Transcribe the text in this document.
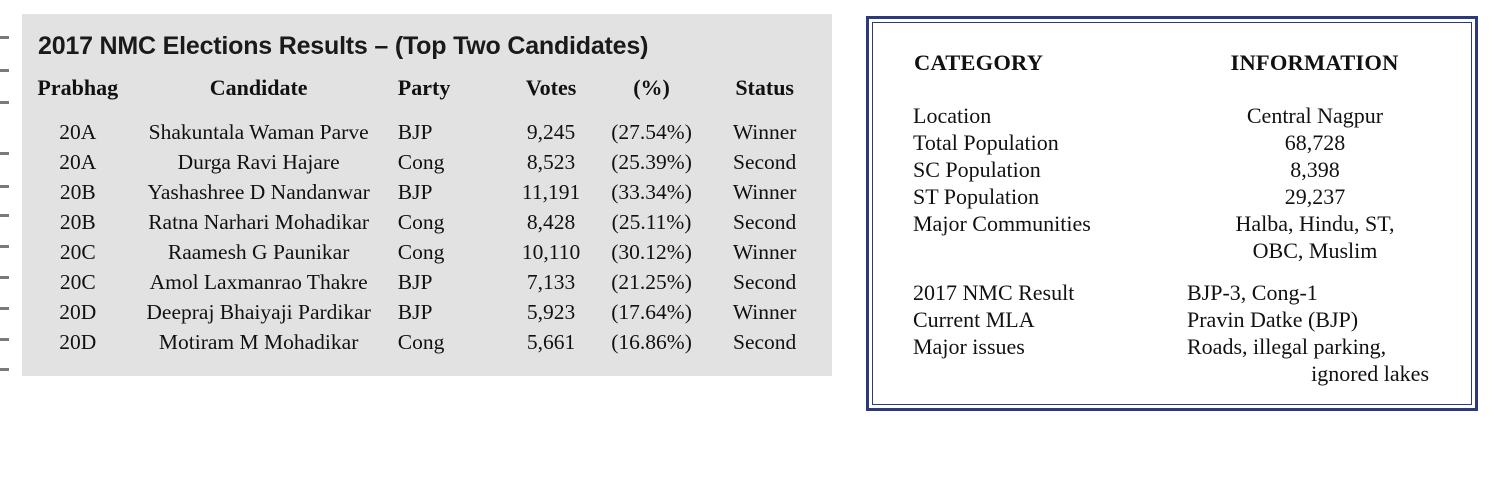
2017 NMC Elections Results – (Top Two Candidates)
Prabhag	Candidate	Party	Votes	(%)	Status
20A	Shakuntala Waman Parve	BJP	9,245	(27.54%)	Winner
20A	Durga Ravi Hajare	Cong	8,523	(25.39%)	Second
20B	Yashashree D Nandanwar	BJP	11,191	(33.34%)	Winner
20B	Ratna Narhari Mohadikar	Cong	8,428	(25.11%)	Second
20C	Raamesh G Paunikar	Cong	10,110	(30.12%)	Winner
20C	Amol Laxmanrao Thakre	BJP	7,133	(21.25%)	Second
20D	Deepraj Bhaiyaji Pardikar	BJP	5,923	(17.64%)	Winner
20D	Motiram M Mohadikar	Cong	5,661	(16.86%)	Second
CATEGORY	INFORMATION
Location	Central Nagpur
Total Population	68,728
SC Population	8,398
ST Population	29,237
Major Communities	Halba, Hindu, ST,
	OBC, Muslim

2017 NMC Result	BJP-3, Cong-1
Current MLA	Pravin Datke (BJP)
Major issues	Roads, illegal parking,
	ignored lakes
